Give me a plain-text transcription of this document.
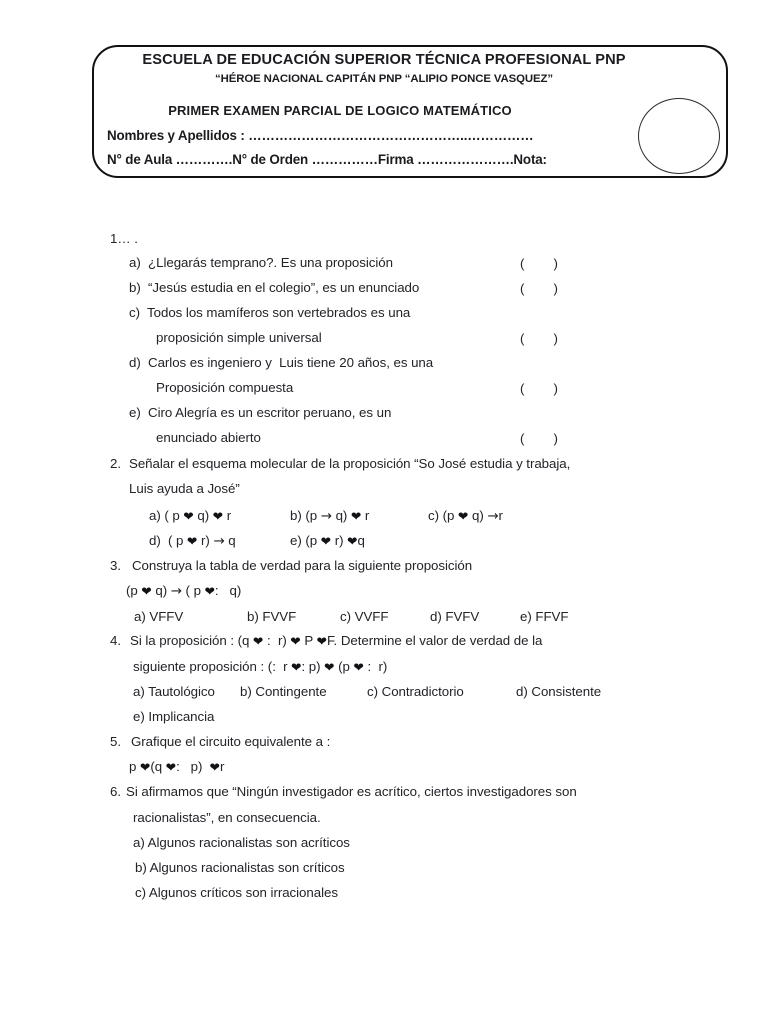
ESCUELA DE EDUCACIÓN SUPERIOR TÉCNICA PROFESIONAL PNP
“HÉROE NACIONAL CAPITÁN PNP “ALIPIO PONCE VASQUEZ”
PRIMER EXAMEN PARCIAL DE LOGICO MATEMÁTICO
Nombres y Apellidos : …………………………………………..……………
N° de Aula ………….N° de Orden ……………Firma ………………….Nota:
1… .
a) ¿Llegarás temprano?. Es una proposición	(        )
b) “Jesús estudia en el colegio”, es un enunciado	(        )
c) Todos los mamíferos son vertebrados es una
proposición simple universal	(        )
d) Carlos es ingeniero y  Luis tiene 20 años, es una
Proposición compuesta	(        )
e) Ciro Alegría es un escritor peruano, es un
enunciado abierto	(        )
2. Señalar el esquema molecular de la proposición “So José estudia y trabaja,
Luis ayuda a José”
a) ( p ❤ q) ❤ r	b) (p → q) ❤ r	c) (p ❤ q) →r
d)  ( p ❤ r) → q	e) (p ❤ r) ❤q
3. Construya la tabla de verdad para la siguiente proposición
(p ❤ q) → ( p ❤:   q)
a) VFFV	b) FVVF	c) VVFF	d) FVFV	e) FFVF
4. Si la proposición : (q ❤ :  r) ❤ P ❤F. Determine el valor de verdad de la
siguiente proposición : (:  r ❤: p) ❤ (p ❤ :  r)
a) Tautológico b) Contingente	c) Contradictorio	d) Consistente
e) Implicancia
5. Grafique el circuito equivalente a :
p ❤(q ❤:   p)  ❤r
6. Si afirmamos que “Ningún investigador es acrítico, ciertos investigadores son
racionalistas”, en consecuencia.
a) Algunos racionalistas son acríticos
b) Algunos racionalistas son críticos
c) Algunos críticos son irracionales
